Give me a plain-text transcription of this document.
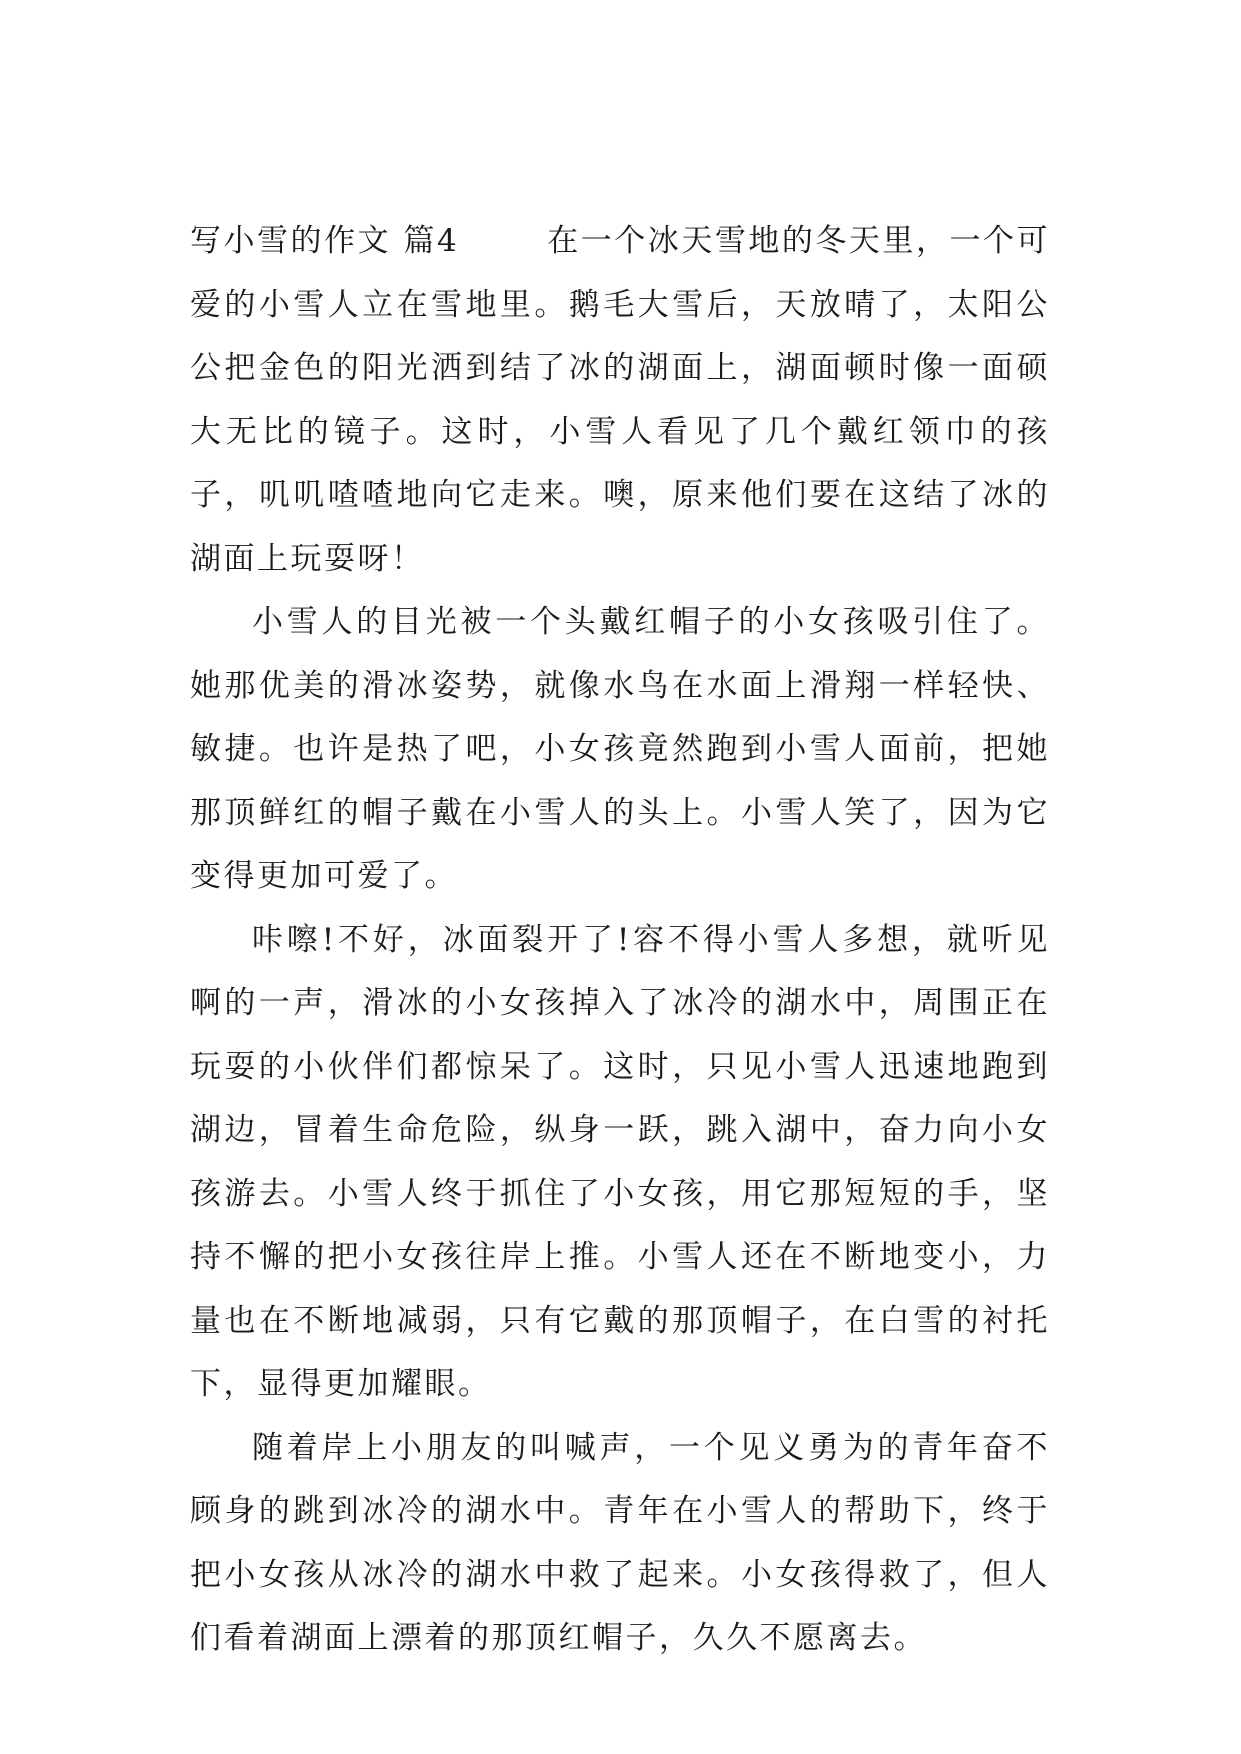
写小雪的作文 篇4	在一个冰天雪地的冬天里，一个可爱的小雪人立在雪地里。鹅毛大雪后，天放晴了，太阳公公把金色的阳光洒到结了冰的湖面上，湖面顿时像一面硕大无比的镜子。这时，小雪人看见了几个戴红领巾的孩子，叽叽喳喳地向它走来。噢，原来他们要在这结了冰的湖面上玩耍呀！

小雪人的目光被一个头戴红帽子的小女孩吸引住了。她那优美的滑冰姿势，就像水鸟在水面上滑翔一样轻快、敏捷。也许是热了吧，小女孩竟然跑到小雪人面前，把她那顶鲜红的帽子戴在小雪人的头上。小雪人笑了，因为它变得更加可爱了。

咔嚓!不好，冰面裂开了!容不得小雪人多想，就听见啊的一声，滑冰的小女孩掉入了冰冷的湖水中，周围正在玩耍的小伙伴们都惊呆了。这时，只见小雪人迅速地跑到湖边，冒着生命危险，纵身一跃，跳入湖中，奋力向小女孩游去。小雪人终于抓住了小女孩，用它那短短的手，坚持不懈的把小女孩往岸上推。小雪人还在不断地变小，力量也在不断地减弱，只有它戴的那顶帽子，在白雪的衬托下，显得更加耀眼。

随着岸上小朋友的叫喊声，一个见义勇为的青年奋不顾身的跳到冰冷的湖水中。青年在小雪人的帮助下，终于把小女孩从冰冷的湖水中救了起来。小女孩得救了，但人们看着湖面上漂着的那顶红帽子，久久不愿离去。
